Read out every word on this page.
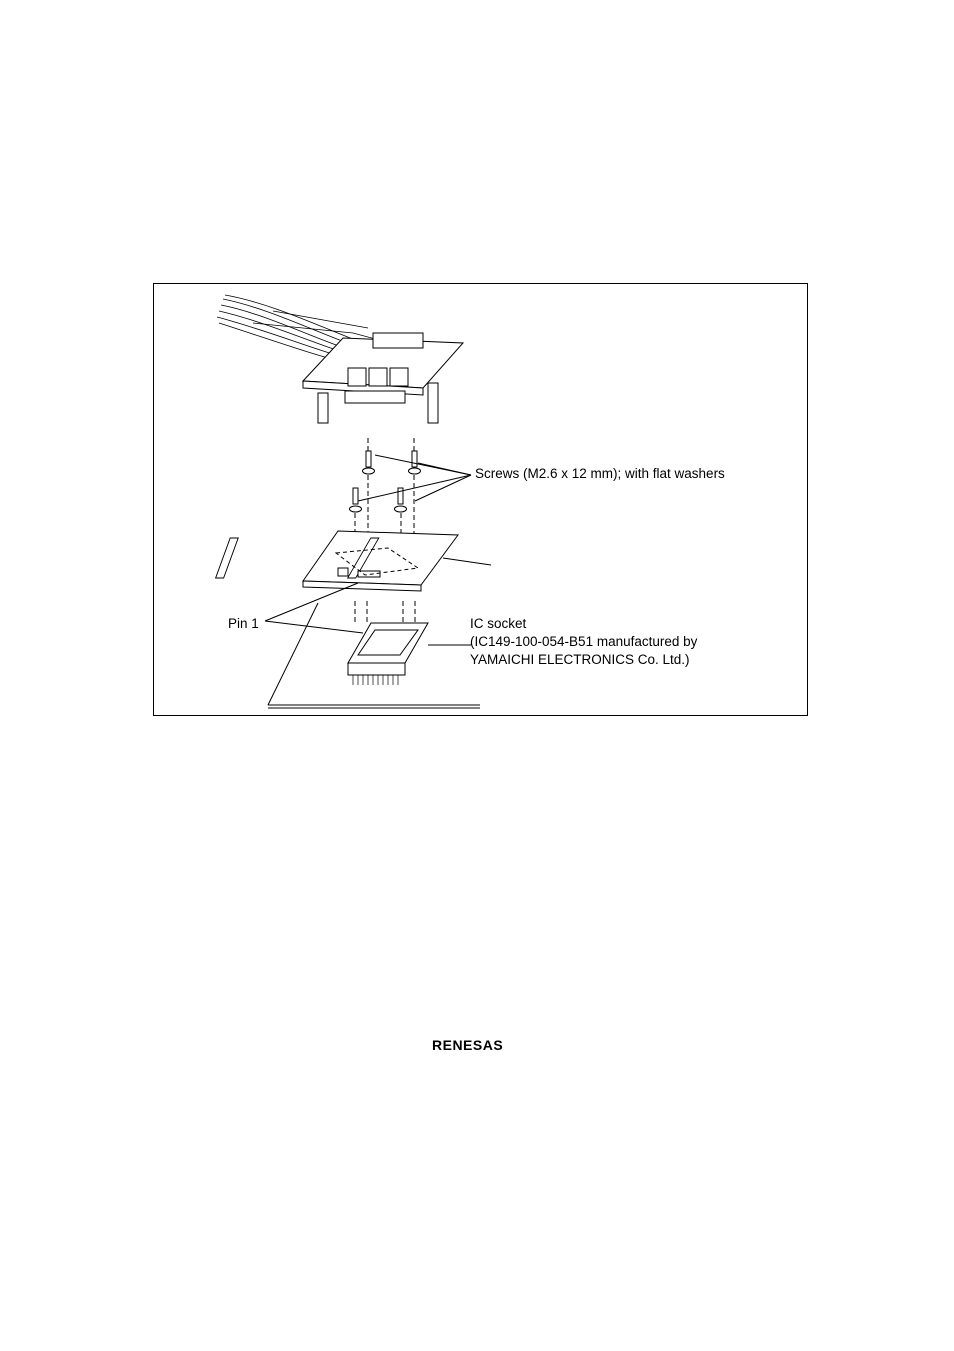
Screws (M2.6 x 12 mm); with flat washers
Pin 1	IC socket
(IC149-100-054-B51 manufactured by
YAMAICHI ELECTRONICS Co. Ltd.)
RENESAS
